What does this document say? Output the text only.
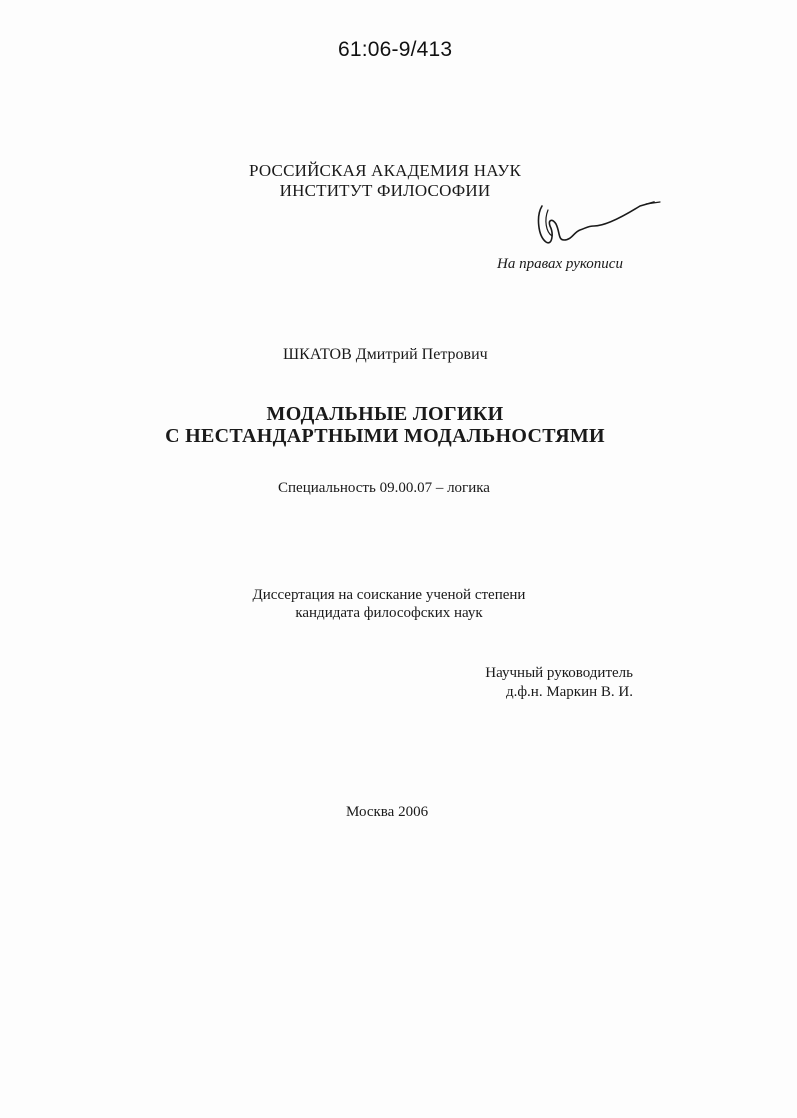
61:06-9/413
РОССИЙСКАЯ АКАДЕМИЯ НАУК
ИНСТИТУТ ФИЛОСОФИИ
На правах рукописи
ШКАТОВ Дмитрий Петрович
МОДАЛЬНЫЕ ЛОГИКИ
С НЕСТАНДАРТНЫМИ МОДАЛЬНОСТЯМИ
Специальность 09.00.07 – логика
Диссертация на соискание ученой степени
кандидата философских наук
Научный руководитель
д.ф.н. Маркин В. И.
Москва 2006
